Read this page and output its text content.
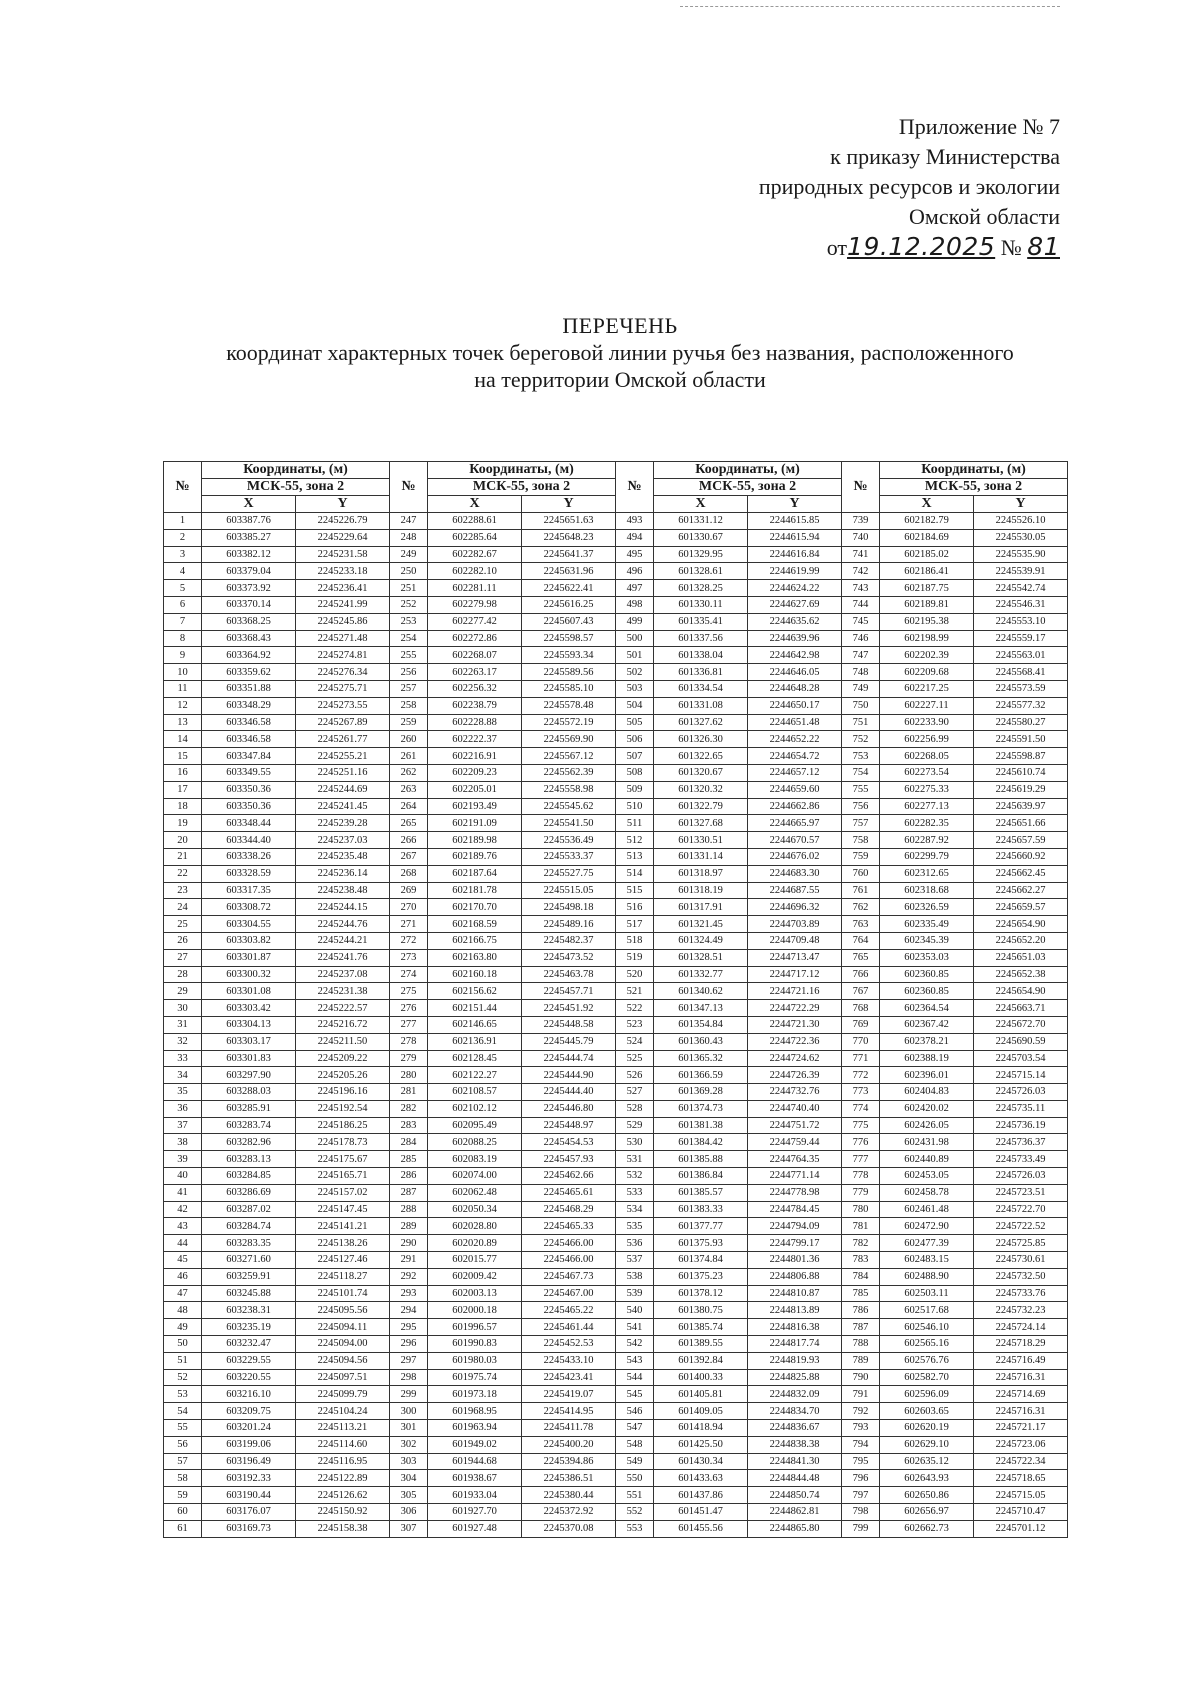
Приложение № 7
к приказу Министерства
природных ресурсов и экологии
Омской области
от19.12.2025 № 81
ПЕРЕЧЕНЬ
координат характерных точек береговой линии ручья без названия, расположенного
на территории Омской области
№	Координаты, (м)		№	Координаты, (м)		№	Координаты, (м)		№	Координаты, (м)	
	МСК-55, зона 2			МСК-55, зона 2			МСК-55, зона 2			МСК-55, зона 2	
	X	Y		X	Y		X	Y		X	Y
1	603387.76	2245226.79	247	602288.61	2245651.63	493	601331.12	2244615.85	739	602182.79	2245526.10
2	603385.27	2245229.64	248	602285.64	2245648.23	494	601330.67	2244615.94	740	602184.69	2245530.05
3	603382.12	2245231.58	249	602282.67	2245641.37	495	601329.95	2244616.84	741	602185.02	2245535.90
4	603379.04	2245233.18	250	602282.10	2245631.96	496	601328.61	2244619.99	742	602186.41	2245539.91
5	603373.92	2245236.41	251	602281.11	2245622.41	497	601328.25	2244624.22	743	602187.75	2245542.74
6	603370.14	2245241.99	252	602279.98	2245616.25	498	601330.11	2244627.69	744	602189.81	2245546.31
7	603368.25	2245245.86	253	602277.42	2245607.43	499	601335.41	2244635.62	745	602195.38	2245553.10
8	603368.43	2245271.48	254	602272.86	2245598.57	500	601337.56	2244639.96	746	602198.99	2245559.17
9	603364.92	2245274.81	255	602268.07	2245593.34	501	601338.04	2244642.98	747	602202.39	2245563.01
10	603359.62	2245276.34	256	602263.17	2245589.56	502	601336.81	2244646.05	748	602209.68	2245568.41
11	603351.88	2245275.71	257	602256.32	2245585.10	503	601334.54	2244648.28	749	602217.25	2245573.59
12	603348.29	2245273.55	258	602238.79	2245578.48	504	601331.08	2244650.17	750	602227.11	2245577.32
13	603346.58	2245267.89	259	602228.88	2245572.19	505	601327.62	2244651.48	751	602233.90	2245580.27
14	603346.58	2245261.77	260	602222.37	2245569.90	506	601326.30	2244652.22	752	602256.99	2245591.50
15	603347.84	2245255.21	261	602216.91	2245567.12	507	601322.65	2244654.72	753	602268.05	2245598.87
16	603349.55	2245251.16	262	602209.23	2245562.39	508	601320.67	2244657.12	754	602273.54	2245610.74
17	603350.36	2245244.69	263	602205.01	2245558.98	509	601320.32	2244659.60	755	602275.33	2245619.29
18	603350.36	2245241.45	264	602193.49	2245545.62	510	601322.79	2244662.86	756	602277.13	2245639.97
19	603348.44	2245239.28	265	602191.09	2245541.50	511	601327.68	2244665.97	757	602282.35	2245651.66
20	603344.40	2245237.03	266	602189.98	2245536.49	512	601330.51	2244670.57	758	602287.92	2245657.59
21	603338.26	2245235.48	267	602189.76	2245533.37	513	601331.14	2244676.02	759	602299.79	2245660.92
22	603328.59	2245236.14	268	602187.64	2245527.75	514	601318.97	2244683.30	760	602312.65	2245662.45
23	603317.35	2245238.48	269	602181.78	2245515.05	515	601318.19	2244687.55	761	602318.68	2245662.27
24	603308.72	2245244.15	270	602170.70	2245498.18	516	601317.91	2244696.32	762	602326.59	2245659.57
25	603304.55	2245244.76	271	602168.59	2245489.16	517	601321.45	2244703.89	763	602335.49	2245654.90
26	603303.82	2245244.21	272	602166.75	2245482.37	518	601324.49	2244709.48	764	602345.39	2245652.20
27	603301.87	2245241.76	273	602163.80	2245473.52	519	601328.51	2244713.47	765	602353.03	2245651.03
28	603300.32	2245237.08	274	602160.18	2245463.78	520	601332.77	2244717.12	766	602360.85	2245652.38
29	603301.08	2245231.38	275	602156.62	2245457.71	521	601340.62	2244721.16	767	602360.85	2245654.90
30	603303.42	2245222.57	276	602151.44	2245451.92	522	601347.13	2244722.29	768	602364.54	2245663.71
31	603304.13	2245216.72	277	602146.65	2245448.58	523	601354.84	2244721.30	769	602367.42	2245672.70
32	603303.17	2245211.50	278	602136.91	2245445.79	524	601360.43	2244722.36	770	602378.21	2245690.59
33	603301.83	2245209.22	279	602128.45	2245444.74	525	601365.32	2244724.62	771	602388.19	2245703.54
34	603297.90	2245205.26	280	602122.27	2245444.90	526	601366.59	2244726.39	772	602396.01	2245715.14
35	603288.03	2245196.16	281	602108.57	2245444.40	527	601369.28	2244732.76	773	602404.83	2245726.03
36	603285.91	2245192.54	282	602102.12	2245446.80	528	601374.73	2244740.40	774	602420.02	2245735.11
37	603283.74	2245186.25	283	602095.49	2245448.97	529	601381.38	2244751.72	775	602426.05	2245736.19
38	603282.96	2245178.73	284	602088.25	2245454.53	530	601384.42	2244759.44	776	602431.98	2245736.37
39	603283.13	2245175.67	285	602083.19	2245457.93	531	601385.88	2244764.35	777	602440.89	2245733.49
40	603284.85	2245165.71	286	602074.00	2245462.66	532	601386.84	2244771.14	778	602453.05	2245726.03
41	603286.69	2245157.02	287	602062.48	2245465.61	533	601385.57	2244778.98	779	602458.78	2245723.51
42	603287.02	2245147.45	288	602050.34	2245468.29	534	601383.33	2244784.45	780	602461.48	2245722.70
43	603284.74	2245141.21	289	602028.80	2245465.33	535	601377.77	2244794.09	781	602472.90	2245722.52
44	603283.35	2245138.26	290	602020.89	2245466.00	536	601375.93	2244799.17	782	602477.39	2245725.85
45	603271.60	2245127.46	291	602015.77	2245466.00	537	601374.84	2244801.36	783	602483.15	2245730.61
46	603259.91	2245118.27	292	602009.42	2245467.73	538	601375.23	2244806.88	784	602488.90	2245732.50
47	603245.88	2245101.74	293	602003.13	2245467.00	539	601378.12	2244810.87	785	602503.11	2245733.76
48	603238.31	2245095.56	294	602000.18	2245465.22	540	601380.75	2244813.89	786	602517.68	2245732.23
49	603235.19	2245094.11	295	601996.57	2245461.44	541	601385.74	2244816.38	787	602546.10	2245724.14
50	603232.47	2245094.00	296	601990.83	2245452.53	542	601389.55	2244817.74	788	602565.16	2245718.29
51	603229.55	2245094.56	297	601980.03	2245433.10	543	601392.84	2244819.93	789	602576.76	2245716.49
52	603220.55	2245097.51	298	601975.74	2245423.41	544	601400.33	2244825.88	790	602582.70	2245716.31
53	603216.10	2245099.79	299	601973.18	2245419.07	545	601405.81	2244832.09	791	602596.09	2245714.69
54	603209.75	2245104.24	300	601968.95	2245414.95	546	601409.05	2244834.70	792	602603.65	2245716.31
55	603201.24	2245113.21	301	601963.94	2245411.78	547	601418.94	2244836.67	793	602620.19	2245721.17
56	603199.06	2245114.60	302	601949.02	2245400.20	548	601425.50	2244838.38	794	602629.10	2245723.06
57	603196.49	2245116.95	303	601944.68	2245394.86	549	601430.34	2244841.30	795	602635.12	2245722.34
58	603192.33	2245122.89	304	601938.67	2245386.51	550	601433.63	2244844.48	796	602643.93	2245718.65
59	603190.44	2245126.62	305	601933.04	2245380.44	551	601437.86	2244850.74	797	602650.86	2245715.05
60	603176.07	2245150.92	306	601927.70	2245372.92	552	601451.47	2244862.81	798	602656.97	2245710.47
61	603169.73	2245158.38	307	601927.48	2245370.08	553	601455.56	2244865.80	799	602662.73	2245701.12
